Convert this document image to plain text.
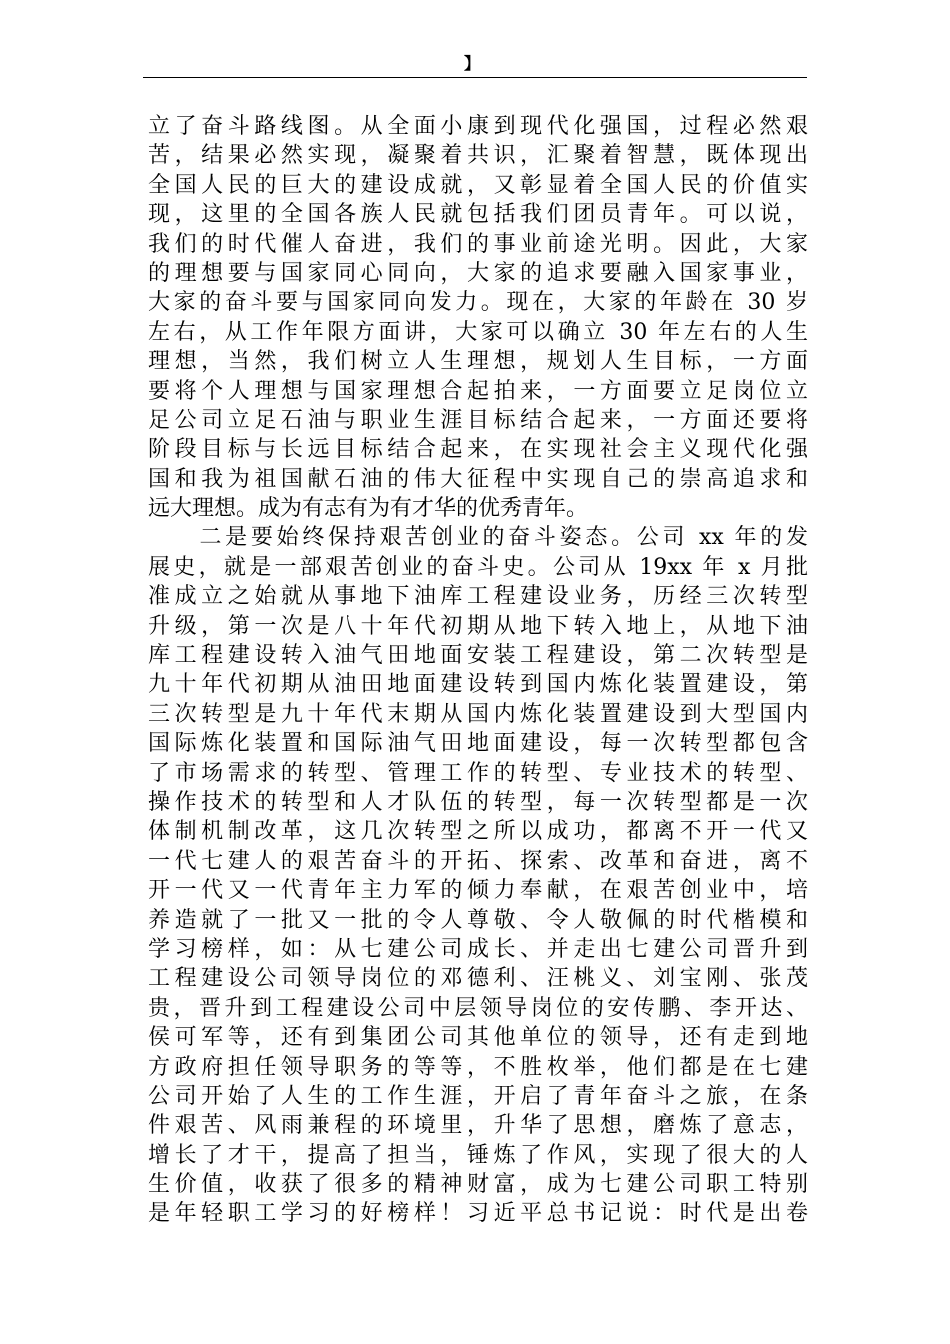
】
立了奋斗路线图。从全面小康到现代化强国，过程必然艰
苦，结果必然实现，凝聚着共识，汇聚着智慧，既体现出
全国人民的巨大的建设成就，又彰显着全国人民的价值实
现，这里的全国各族人民就包括我们团员青年。可以说，
我们的时代催人奋进，我们的事业前途光明。因此，大家
的理想要与国家同心同向，大家的追求要融入国家事业，
大家的奋斗要与国家同向发力。现在，大家的年龄在 30 岁
左右，从工作年限方面讲，大家可以确立 30 年左右的人生
理想，当然，我们树立人生理想，规划人生目标，一方面
要将个人理想与国家理想合起拍来，一方面要立足岗位立
足公司立足石油与职业生涯目标结合起来，一方面还要将
阶段目标与长远目标结合起来，在实现社会主义现代化强
国和我为祖国献石油的伟大征程中实现自己的崇高追求和
远大理想。成为有志有为有才华的优秀青年。
　　二是要始终保持艰苦创业的奋斗姿态。公司 xx 年的发
展史，就是一部艰苦创业的奋斗史。公司从 19xx 年 x 月批
准成立之始就从事地下油库工程建设业务，历经三次转型
升级，第一次是八十年代初期从地下转入地上，从地下油
库工程建设转入油气田地面安装工程建设，第二次转型是
九十年代初期从油田地面建设转到国内炼化装置建设，第
三次转型是九十年代末期从国内炼化装置建设到大型国内
国际炼化装置和国际油气田地面建设，每一次转型都包含
了市场需求的转型、管理工作的转型、专业技术的转型、
操作技术的转型和人才队伍的转型，每一次转型都是一次
体制机制改革，这几次转型之所以成功，都离不开一代又
一代七建人的艰苦奋斗的开拓、探索、改革和奋进，离不
开一代又一代青年主力军的倾力奉献，在艰苦创业中，培
养造就了一批又一批的令人尊敬、令人敬佩的时代楷模和
学习榜样，如：从七建公司成长、并走出七建公司晋升到
工程建设公司领导岗位的邓德利、汪桃义、刘宝刚、张茂
贵，晋升到工程建设公司中层领导岗位的安传鹏、李开达、
侯可军等，还有到集团公司其他单位的领导，还有走到地
方政府担任领导职务的等等，不胜枚举，他们都是在七建
公司开始了人生的工作生涯，开启了青年奋斗之旅，在条
件艰苦、风雨兼程的环境里，升华了思想，磨炼了意志，
增长了才干，提高了担当，锤炼了作风，实现了很大的人
生价值，收获了很多的精神财富，成为七建公司职工特别
是年轻职工学习的好榜样！习近平总书记说：时代是出卷
